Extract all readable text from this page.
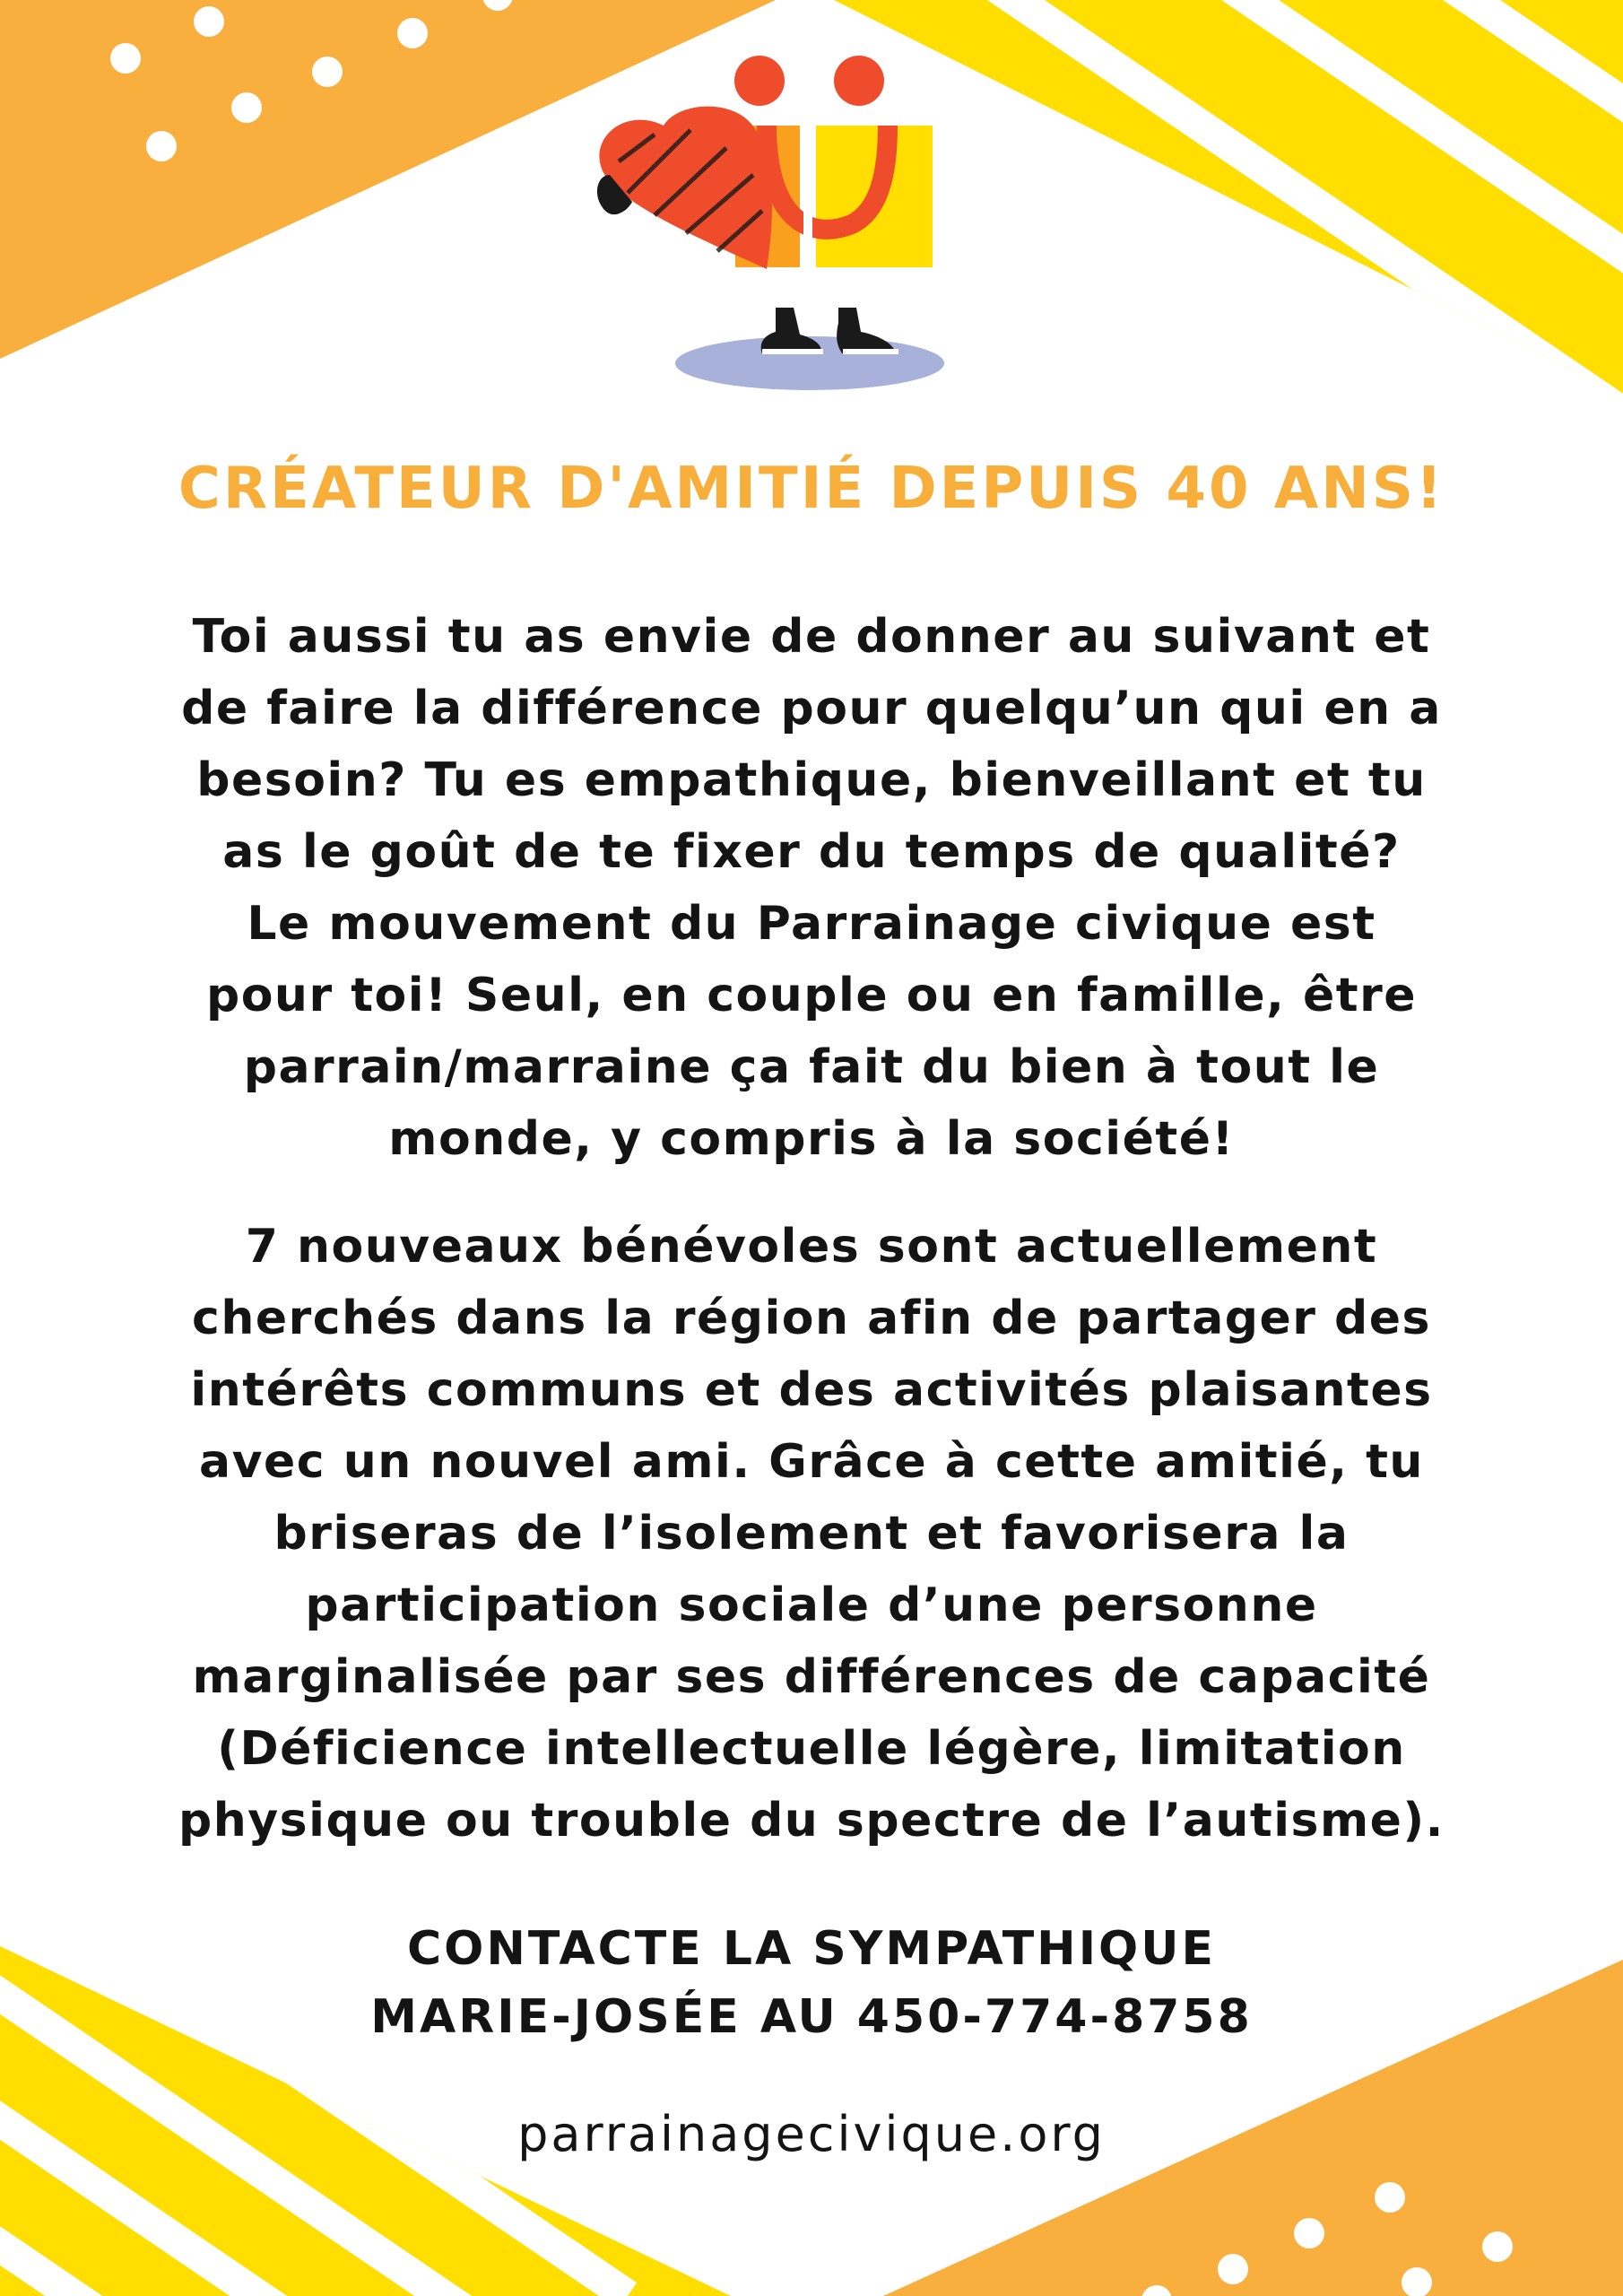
CRÉATEUR D'AMITIÉ DEPUIS 40 ANS!
Toi aussi tu as envie de donner au suivant et
de faire la différence pour quelqu’un qui en a
besoin? Tu es empathique, bienveillant et tu
as le goût de te fixer du temps de qualité?
Le mouvement du Parrainage civique est
pour toi! Seul, en couple ou en famille, être
parrain/marraine ça fait du bien à tout le
monde, y compris à la société!
7 nouveaux bénévoles sont actuellement
cherchés dans la région afin de partager des
intérêts communs et des activités plaisantes
avec un nouvel ami. Grâce à cette amitié, tu
briseras de l’isolement et favorisera la
participation sociale d’une personne
marginalisée par ses différences de capacité
(Déficience intellectuelle légère, limitation
physique ou trouble du spectre de l’autisme).
CONTACTE LA SYMPATHIQUE
MARIE-JOSÉE AU 450-774-8758
parrainagecivique.org
